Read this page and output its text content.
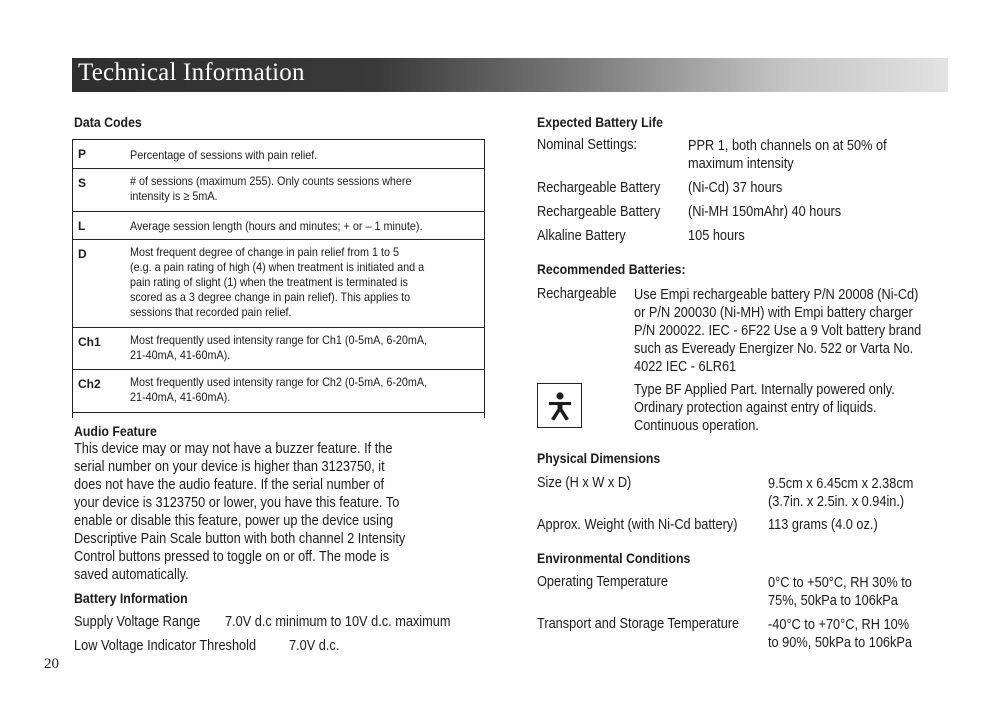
Technical Information
Data Codes
P	Percentage of sessions with pain relief.

S	# of sessions (maximum 255). Only counts sessions where
intensity is ≥ 5mA.

L	Average session length (hours and minutes; + or – 1 minute).

D	Most frequent degree of change in pain relief from 1 to 5
(e.g. a pain rating of high (4) when treatment is initiated and a
pain rating of slight (1) when the treatment is terminated is
scored as a 3 degree change in pain relief). This applies to
sessions that recorded pain relief.

Ch1	Most frequently used intensity range for Ch1 (0-5mA, 6-20mA,
21-40mA, 41-60mA).

Ch2	Most frequently used intensity range for Ch2 (0-5mA, 6-20mA,
21-40mA, 41-60mA).
Audio Feature
This device may or may not have a buzzer feature. If the
serial number on your device is higher than 3123750, it
does not have the audio feature. If the serial number of
your device is 3123750 or lower, you have this feature. To
enable or disable this feature, power up the device using
Descriptive Pain Scale button with both channel 2 Intensity
Control buttons pressed to toggle on or off. The mode is
saved automatically.
Battery Information
Supply Voltage Range 7.0V d.c minimum to 10V d.c. maximum
Low Voltage Indicator Threshold 7.0V d.c.
20
Expected Battery Life
Nominal Settings:	PPR 1, both channels on at 50% of
maximum intensity
Rechargeable Battery (Ni-Cd) 37 hours
Rechargeable Battery (Ni-MH 150mAhr) 40 hours
Alkaline Battery	105 hours
Recommended Batteries:
Rechargeable Use Empi rechargeable battery P/N 20008 (Ni-Cd)
or P/N 200030 (Ni-MH) with Empi battery charger
P/N 200022. IEC - 6F22 Use a 9 Volt battery brand
such as Eveready Energizer No. 522 or Varta No.
4022 IEC - 6LR61
Type BF Applied Part. Internally powered only.
Ordinary protection against entry of liquids.
Continuous operation.
Physical Dimensions
Size (H x W x D)	9.5cm x 6.45cm x 2.38cm
(3.7in. x 2.5in. x 0.94in.)
Approx. Weight (with Ni-Cd battery) 113 grams (4.0 oz.)
Environmental Conditions
Operating Temperature	0°C to +50°C, RH 30% to
75%, 50kPa to 106kPa
Transport and Storage Temperature -40°C to +70°C, RH 10%
to 90%, 50kPa to 106kPa
